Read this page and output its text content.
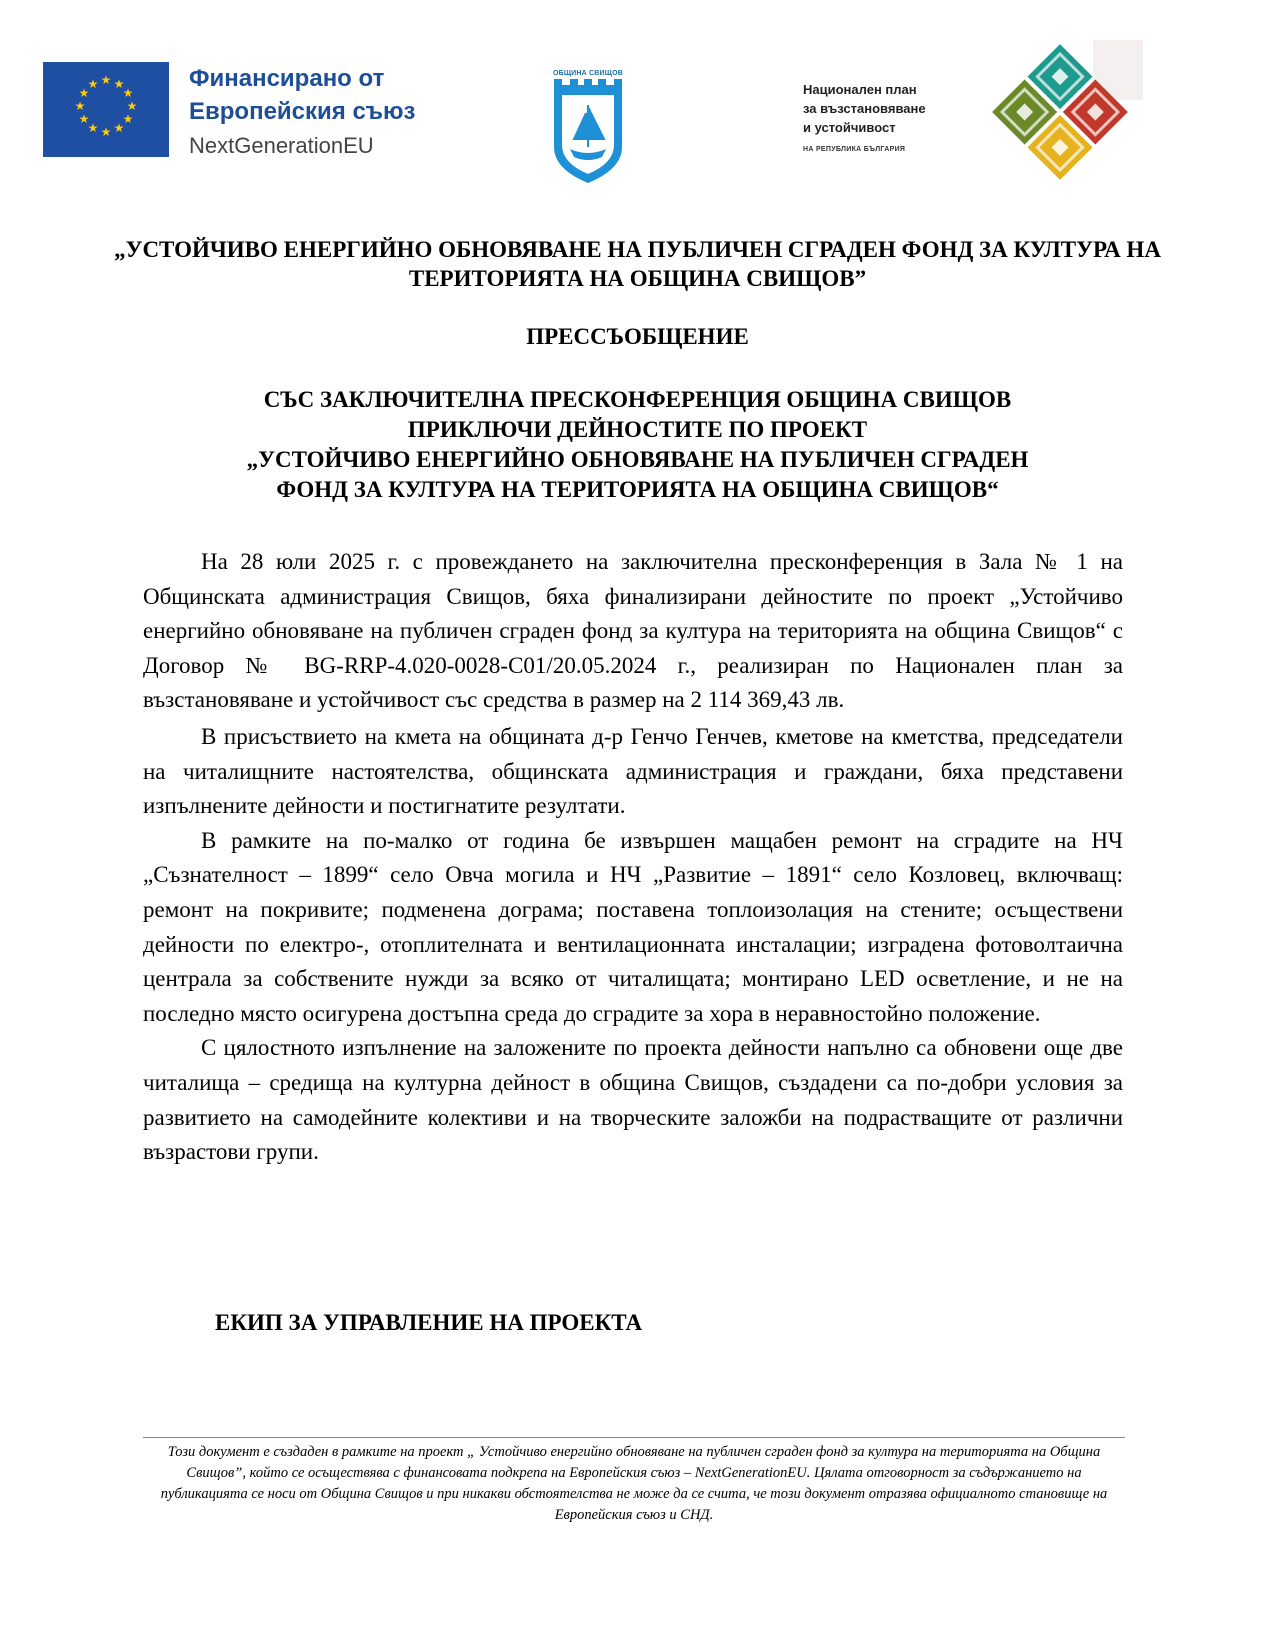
★ ★
★
★
★
★
★
★
★
★
★
★	Финансирано от
Европейския съюз
NextGenerationEU
ОБЩИНА СВИЩОВ
Национален план
за възстановяване
и устойчивост
НА РЕПУБЛИКА БЪЛГАРИЯ
„УСТОЙЧИВО ЕНЕРГИЙНО ОБНОВЯВАНЕ НА ПУБЛИЧЕН СГРАДЕН ФОНД ЗА КУЛТУРА НА ТЕРИТОРИЯТА НА ОБЩИНА СВИЩОВ”
ПРЕССЪОБЩЕНИЕ
СЪС ЗАКЛЮЧИТЕЛНА ПРЕСКОНФЕРЕНЦИЯ ОБЩИНА СВИЩОВ
ПРИКЛЮЧИ ДЕЙНОСТИТЕ ПО ПРОЕКТ
„УСТОЙЧИВО ЕНЕРГИЙНО ОБНОВЯВАНЕ НА ПУБЛИЧЕН СГРАДЕН
ФОНД ЗА КУЛТУРА НА ТЕРИТОРИЯТА НА ОБЩИНА СВИЩОВ“

На 28 юли 2025 г. с провеждането на заключителна пресконференция в Зала № 1 на Общинската администрация Свищов, бяха финализирани дейностите по проект „Устойчиво енергийно обновяване на публичен сграден фонд за култура на територията на община Свищов“ с Договор № BG-RRP-4.020-0028-C01/20.05.2024 г., реализиран по Национален план за възстановяване и устойчивост със средства в размер на 2 114 369,43 лв.

В присъствието на кмета на общината д-р Генчо Генчев, кметове на кметства, председатели на читалищните настоятелства, общинската администрация и граждани, бяха представени изпълнените дейности и постигнатите резултати.

В рамките на по-малко от година бе извършен мащабен ремонт на сградите на НЧ „Съзнателност – 1899“ село Овча могила и НЧ „Развитие – 1891“ село Козловец, включващ: ремонт на покривите; подменена дограма; поставена топлоизолация на стените; осъществени дейности по електро-, отоплителната и вентилационната инсталации; изградена фотоволтаична централа за собствените нужди за всяко от читалищата; монтирано LED осветление, и не на последно място осигурена достъпна среда до сградите за хора в неравностойно положение.

С цялостното изпълнение на заложените по проекта дейности напълно са обновени още две читалища – средища на културна дейност в община Свищов, създадени са по-добри условия за развитието на самодейните колективи и на творческите заложби на подрастващите от различни възрастови групи.

ЕКИП ЗА УПРАВЛЕНИЕ НА ПРОЕКТА
Този документ е създаден в рамките на проект „ Устойчиво енергийно обновяване на публичен сграден фонд за култура на територията на Община Свищов”, който се осъществява с финансовата подкрепа на Европейския съюз – NextGenerationEU. Цялата отговорност за съдържанието на публикацията се носи от Община Свищов и при никакви обстоятелства не може да се счита, че този документ отразява официалното становище на Европейския съюз и СНД.
